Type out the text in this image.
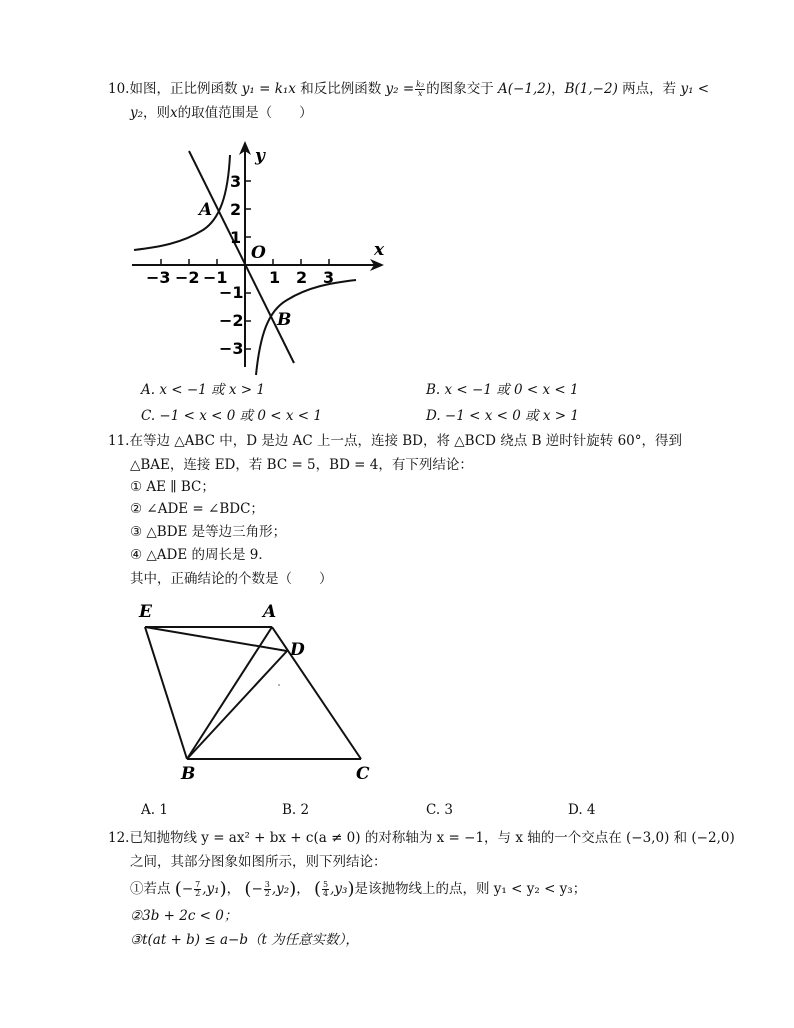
10.如图，正比例函数 y₁ = k₁x 和反比例函数 $y_2 = \frac{\text{k₂}}{x}$ 的图象交于 A(−1,2)，B(1,−2) 两点，若 y₁ <
y₂，则x的取值范围是（　　）
y
x
O
A
B
−3 −2 −1	1 2 3
3
2
1
−1
−2
−3
A. x < −1 或 x > 1	B. x < −1 或 0 < x < 1
C. −1 < x < 0 或 0 < x < 1	D. −1 < x < 0 或 x > 1
11.在等边 △ABC 中，D 是边 AC 上一点，连接 BD，将 △BCD 绕点 B 逆时针旋转 60°，得到
△BAE，连接 ED，若 BC = 5，BD = 4，有下列结论：
① AE ∥ BC；
② ∠ADE = ∠BDC；
③ △BDE 是等边三角形；
④ △ADE 的周长是 9．
其中，正确结论的个数是（　　）
E	A
D
B	C
A. 1	B. 2	C. 3	D. 4
12.已知抛物线 y = ax² + bx + c(a ≠ 0) 的对称轴为 x = −1，与 x 轴的一个交点在 (−3,0) 和 (−2,0)
之间，其部分图象如图所示，则下列结论：
①若点 (− $\frac{7}{2} ,y_1$)， (− $\frac{3}{2} ,y_2$)， ( $\frac{5}{4} ,y_3$)是该抛物线上的点，则 y₁ < y₂ < y₃；
②3b + 2c < 0；
③t(at + b) ≤ a−b（t 为任意实数），
